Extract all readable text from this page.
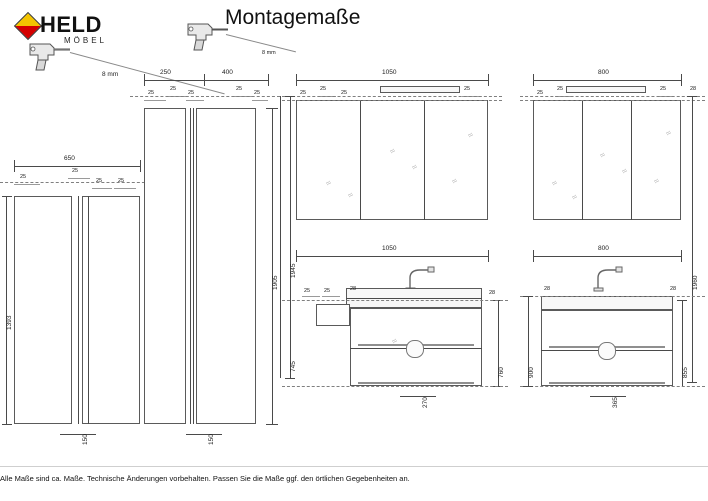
HELD
MÖBEL
Montagemaße
8 mm
8 mm
650
25
25
25	25
1393
150
250	400
25
25
25
25
25
1905
150
1050
25
25
25
25
≈
≈
≈
≈
≈
≈
1945
800
25
25	25
≈
≈
≈
≈
≈
≈
28
1960
1050
25	25	28
28
≈
745
760
270
800
28	28
900	855
365
Alle Maße sind ca. Maße. Technische Änderungen vorbehalten. Passen Sie die Maße ggf. den örtlichen Gegebenheiten an.
